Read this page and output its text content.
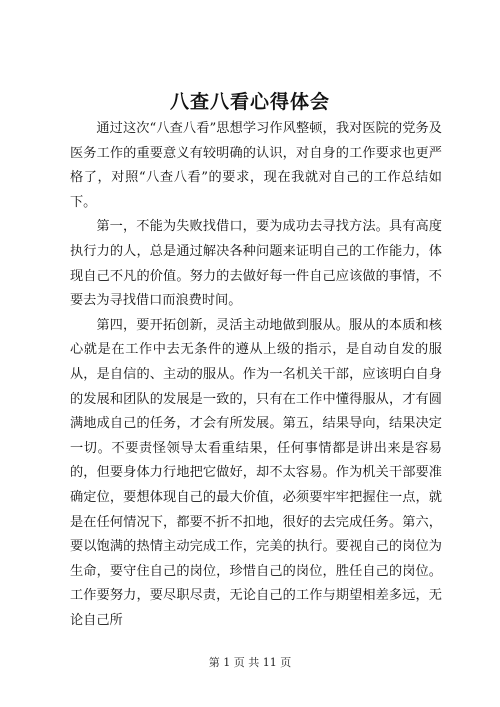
八查八看心得体会

通过这次“八查八看”思想学习作风整顿，我对医院的党务及医务工作的重要意义有较明确的认识，对自身的工作要求也更严格了，对照“八查八看”的要求，现在我就对自己的工作总结如下。

第一，不能为失败找借口，要为成功去寻找方法。具有高度执行力的人，总是通过解决各种问题来证明自己的工作能力，体现自己不凡的价值。努力的去做好每一件自己应该做的事情，不要去为寻找借口而浪费时间。

第四，要开拓创新，灵活主动地做到服从。服从的本质和核心就是在工作中去无条件的遵从上级的指示，是自动自发的服从，是自信的、主动的服从。作为一名机关干部，应该明白自身的发展和团队的发展是一致的，只有在工作中懂得服从，才有圆满地成自己的任务，才会有所发展。第五，结果导向，结果决定一切。不要责怪领导太看重结果，任何事情都是讲出来是容易的，但要身体力行地把它做好，却不太容易。作为机关干部要准确定位，要想体现自己的最大价值，必须要牢牢把握住一点，就是在任何情况下，都要不折不扣地，很好的去完成任务。第六，要以饱满的热情主动完成工作，完美的执行。要视自己的岗位为生命，要守住自己的岗位，珍惜自己的岗位，胜任自己的岗位。工作要努力，要尽职尽责，无论自己的工作与期望相差多远，无论自己所

第 1 页 共 11 页
